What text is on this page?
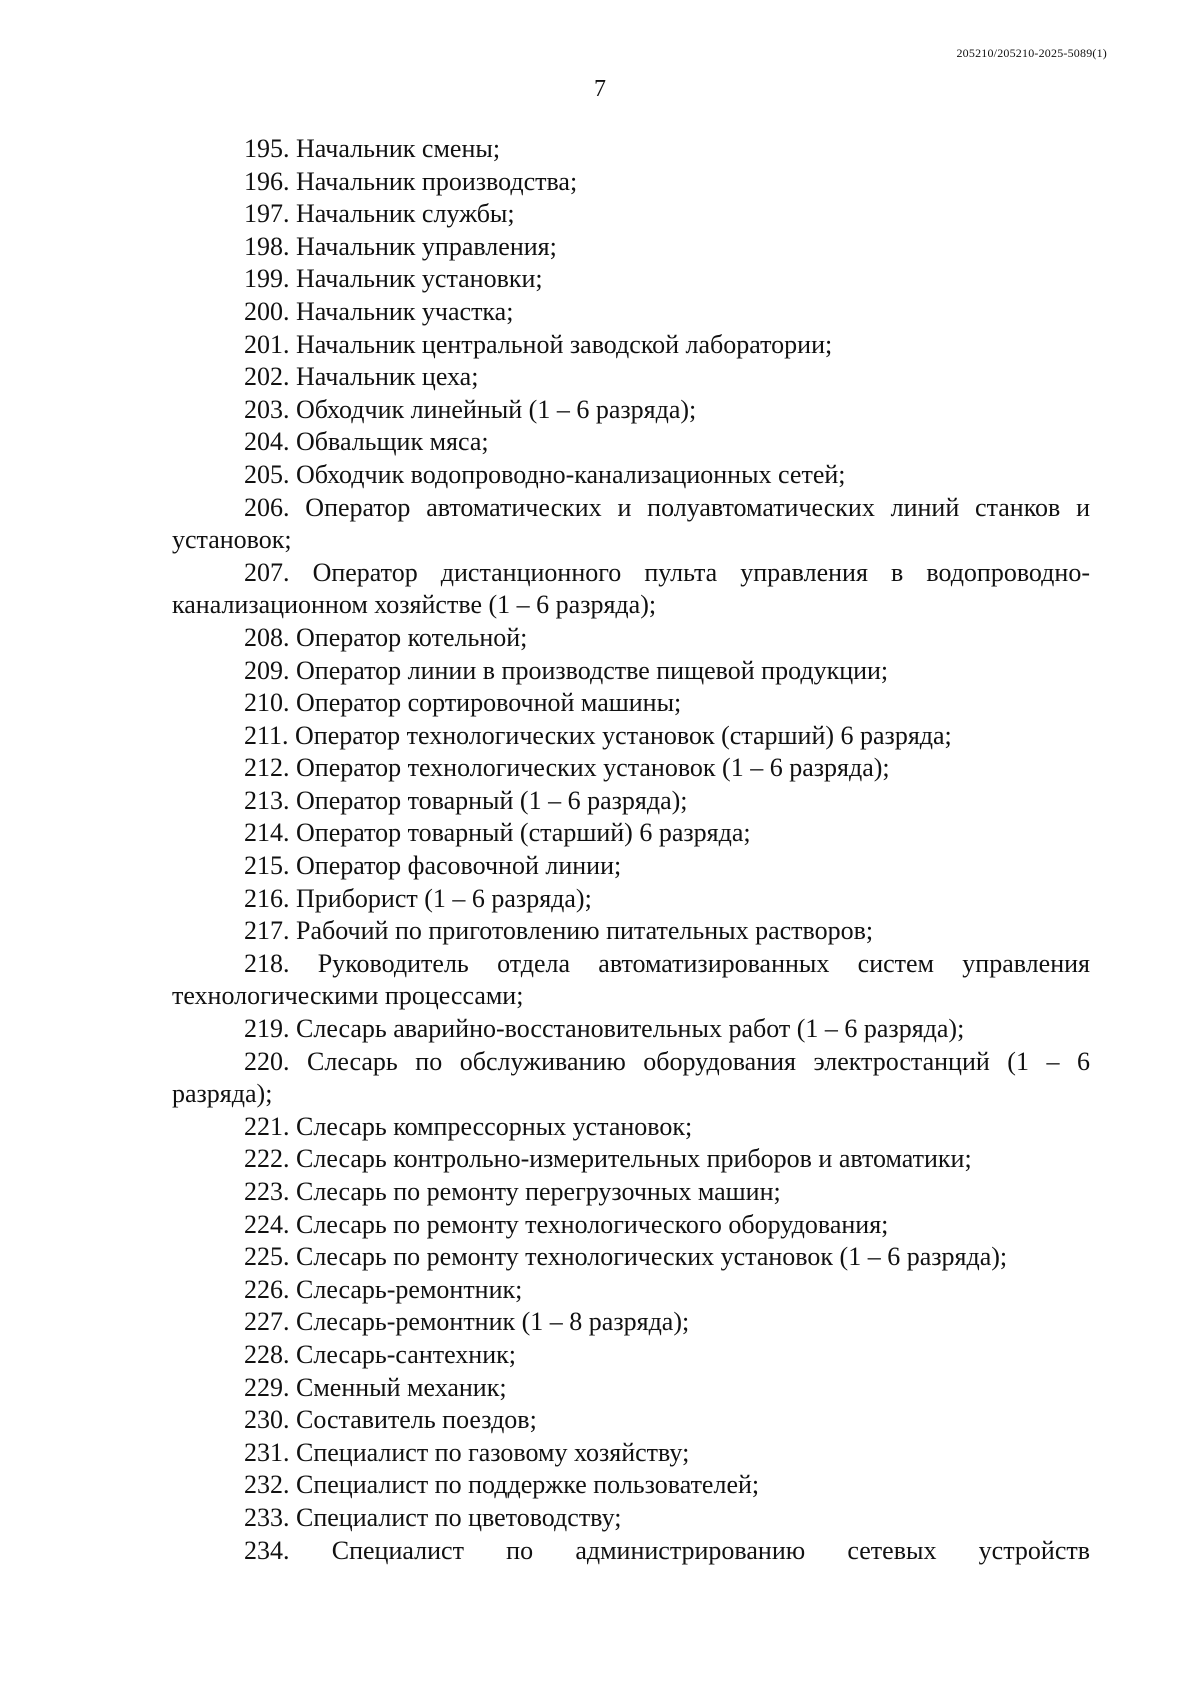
205210/205210-2025-5089(1)
7

195. Начальник смены;

196. Начальник производства;

197. Начальник службы;

198. Начальник управления;

199. Начальник установки;

200. Начальник участка;

201. Начальник центральной заводской лаборатории;

202. Начальник цеха;

203. Обходчик линейный (1 – 6 разряда);

204. Обвальщик мяса;

205. Обходчик водопроводно-канализационных сетей;

206. Оператор автоматических и полуавтоматических линий станков и установок;

207. Оператор дистанционного пульта управления в водопроводно-канализационном хозяйстве (1 – 6 разряда);

208. Оператор котельной;

209. Оператор линии в производстве пищевой продукции;

210. Оператор сортировочной машины;

211. Оператор технологических установок (старший) 6 разряда;

212. Оператор технологических установок (1 – 6 разряда);

213. Оператор товарный (1 – 6 разряда);

214. Оператор товарный (старший) 6 разряда;

215. Оператор фасовочной линии;

216. Приборист (1 – 6 разряда);

217. Рабочий по приготовлению питательных растворов;

218. Руководитель отдела автоматизированных систем управления технологическими процессами;

219. Слесарь аварийно-восстановительных работ (1 – 6 разряда);

220. Слесарь по обслуживанию оборудования электростанций (1 – 6 разряда);

221. Слесарь компрессорных установок;

222. Слесарь контрольно-измерительных приборов и автоматики;

223. Слесарь по ремонту перегрузочных машин;

224. Слесарь по ремонту технологического оборудования;

225. Слесарь по ремонту технологических установок (1 – 6 разряда);

226. Слесарь-ремонтник;

227. Слесарь-ремонтник (1 – 8 разряда);

228. Слесарь-сантехник;

229. Сменный механик;

230. Составитель поездов;

231. Специалист по газовому хозяйству;

232. Специалист по поддержке пользователей;

233. Специалист по цветоводству;

234. Специалист по администрированию сетевых устройств
